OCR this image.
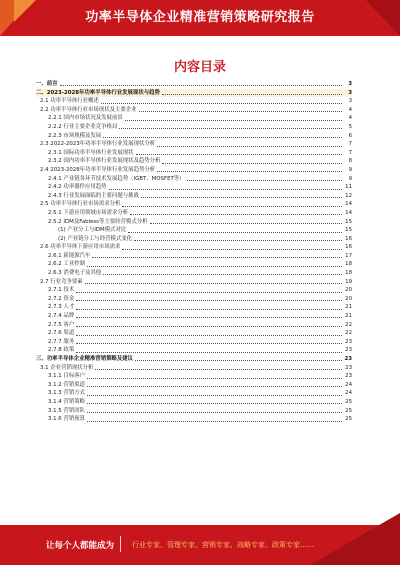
功率半导体企业精准营销策略研究报告
内容目录
一、前言	3
二、2023-2028年功率半导体行业发展现状与趋势	3
2.1 功率半导体行业概述	3
2.2 功率半导体行业市场现状及主要企业	4
2.2.1 国内市场状况及发展前景	4
2.2.2 行业主要企业竞争格局	5
2.2.3 市场规模及发展	6
2.3 2022-2023年功率半导体行业发展现状分析	7
2.3.1 国际功率半导体行业发展现状	7
2.3.2 国内功率半导体行业发展现状及趋势分析	8
2.4 2023-2028年功率半导体行业发展趋势分析	9
2.4.1 产业链各环节技术发展趋势（IGBT、MOSFET等）	9
2.4.2 功率器件应用趋势	11
2.4.3 行业发展面临的主要问题与挑战	12
2.5 功率半导体行业市场需求分析	14
2.5.1 下游应用领域市场需求分析	14
2.5.2 IDM及Fabless等主要经营模式分析	15
(1) 产业分工与IDM模式对比	15
(2) 产业链分工与经营模式变化	16
2.6 功率半导体下游应用市场需求	16
2.6.1 新能源汽车	17
2.6.2 工业控制	18
2.6.3 消费电子及其他	18
2.7 行业竞争要素	19
2.7.1 技术	20
2.7.2 资金	20
2.7.3 人才	21
2.7.4 品牌	21
2.7.5 客户	22
2.7.6 渠道	22
2.7.7 服务	23
2.7.8 政策	23
三、功率半导体企业精准营销策略及建议	23
3.1 企业营销现状分析	23
3.1.1 目标客户	23
3.1.2 营销渠道	24
3.1.3 营销方式	24
3.1.4 营销策略	25
3.1.5 营销团队	25
3.1.6 营销预算	25
让每个人都能成为	行业专家、管理专家、营销专家、战略专家、政策专家……
